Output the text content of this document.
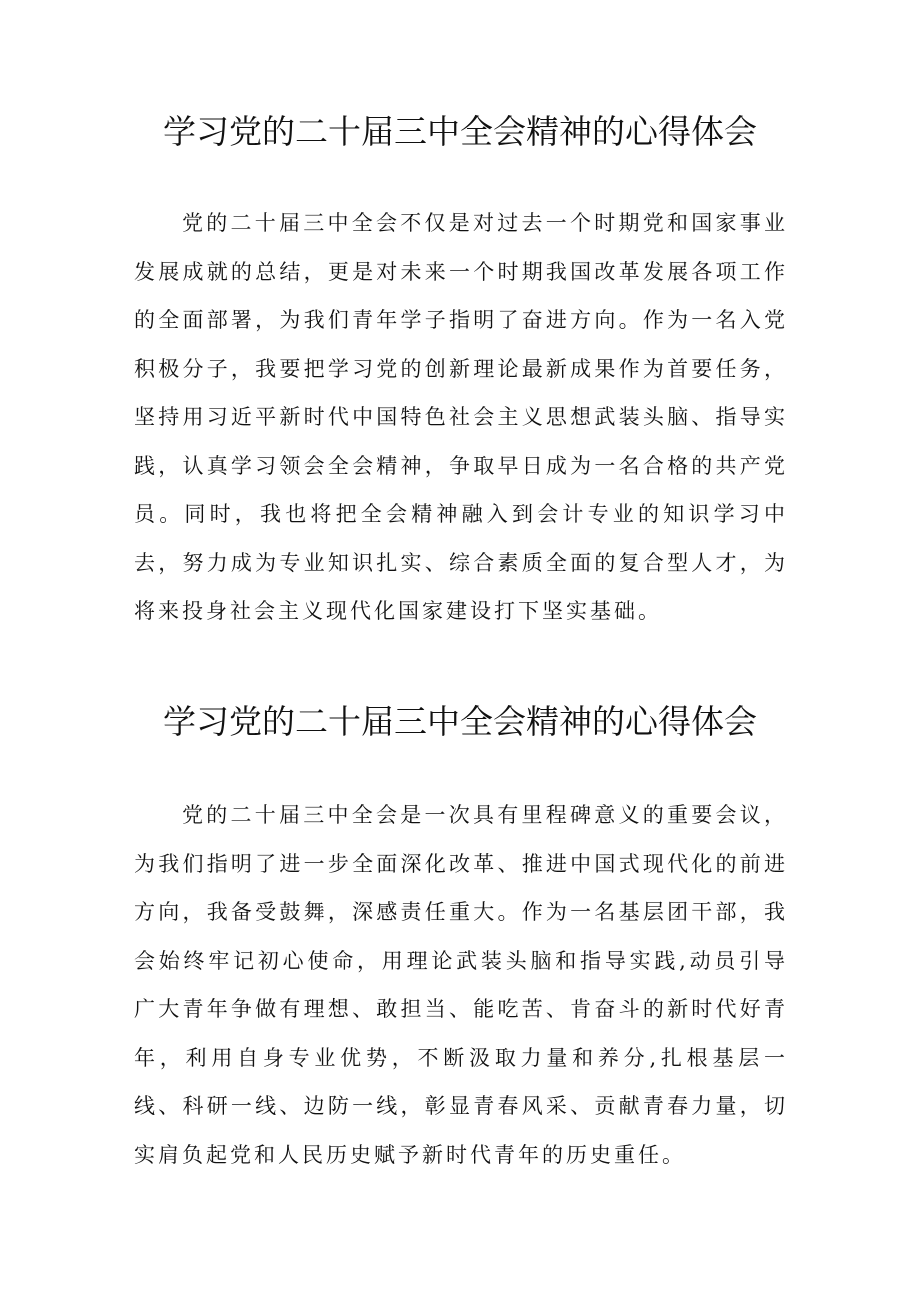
学习党的二十届三中全会精神的心得体会

党的二十届三中全会不仅是对过去一个时期党和国家事业发展成就的总结，更是对未来一个时期我国改革发展各项工作的全面部署，为我们青年学子指明了奋进方向。作为一名入党积极分子，我要把学习党的创新理论最新成果作为首要任务，坚持用习近平新时代中国特色社会主义思想武装头脑、指导实践，认真学习领会全会精神，争取早日成为一名合格的共产党员。同时，我也将把全会精神融入到会计专业的知识学习中去，努力成为专业知识扎实、综合素质全面的复合型人才，为将来投身社会主义现代化国家建设打下坚实基础。

学习党的二十届三中全会精神的心得体会

党的二十届三中全会是一次具有里程碑意义的重要会议，为我们指明了进一步全面深化改革、推进中国式现代化的前进方向，我备受鼓舞，深感责任重大。作为一名基层团干部，我会始终牢记初心使命，用理论武装头脑和指导实践,动员引导广大青年争做有理想、敢担当、能吃苦、肯奋斗的新时代好青年，利用自身专业优势，不断汲取力量和养分,扎根基层一线、科研一线、边防一线，彰显青春风采、贡献青春力量，切实肩负起党和人民历史赋予新时代青年的历史重任。
